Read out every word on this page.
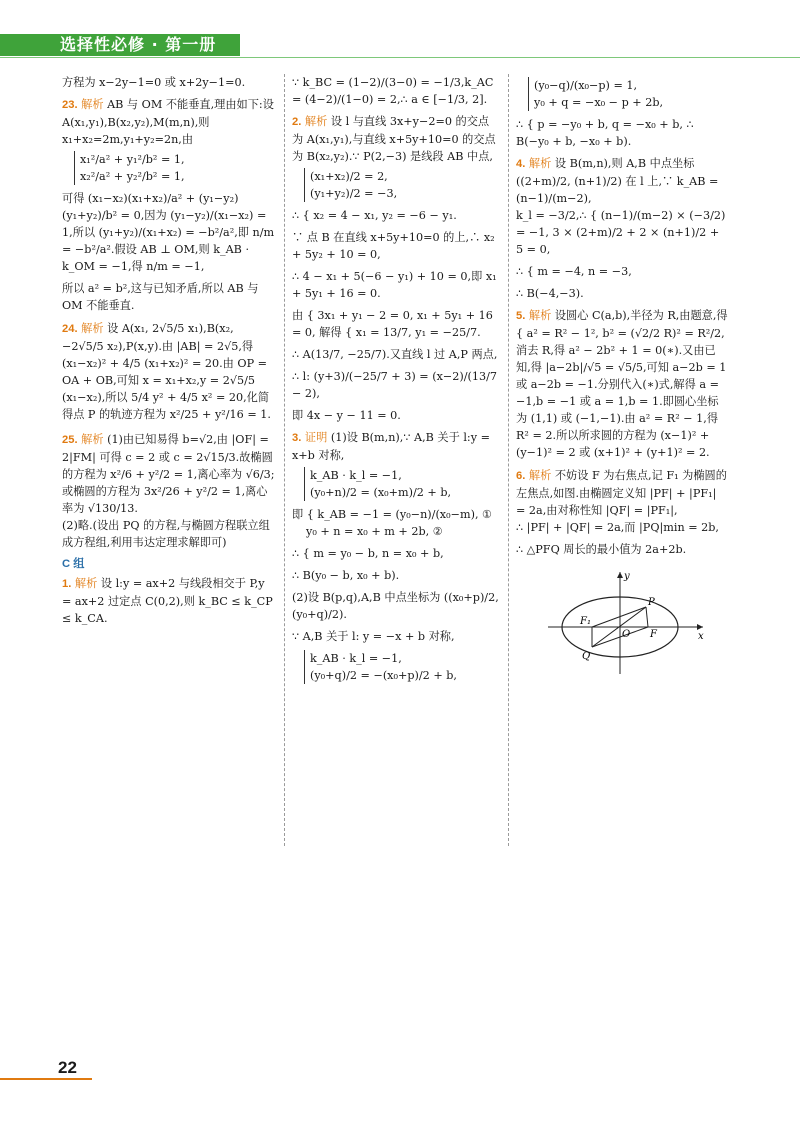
选择性必修 · 第一册

方程为 x−2y−1=0 或 x+2y−1=0.

23. 解析 AB 与 OM 不能垂直,理由如下:设 A(x₁,y₁),B(x₂,y₂),M(m,n),则 x₁+x₂=2m,y₁+y₂=2n,由
x₁²/a² + y₁²/b² = 1,
x₂²/a² + y₂²/b² = 1,

可得 (x₁−x₂)(x₁+x₂)/a² + (y₁−y₂)(y₁+y₂)/b² = 0,因为 (y₁−y₂)/(x₁−x₂) = 1,所以 (y₁+y₂)/(x₁+x₂) = −b²/a²,即 n/m = −b²/a².假设 AB ⊥ OM,则 k_AB · k_OM = −1,得 n/m = −1,

所以 a² = b²,这与已知矛盾,所以 AB 与 OM 不能垂直.

24. 解析 设 A(x₁, 2√5/5 x₁),B(x₂, −2√5/5 x₂),P(x,y).由 |AB| = 2√5,得 (x₁−x₂)² + 4/5 (x₁+x₂)² = 20.由 OP = OA + OB,可知 x = x₁+x₂,y = 2√5/5 (x₁−x₂),所以 5/4 y² + 4/5 x² = 20,化简得点 P 的轨迹方程为 x²/25 + y²/16 = 1.
25. 解析 (1)由已知易得 b=√2,由 |OF| = 2|FM| 可得 c = 2 或 c = 2√15/3.故椭圆的方程为 x²/6 + y²/2 = 1,离心率为 √6/3;或椭圆的方程为 3x²/26 + y²/2 = 1,离心率为 √130/13.

(2)略.(设出 PQ 的方程,与椭圆方程联立组成方程组,利用韦达定理求解即可)

C 组
1. 解析 设 l:y = ax+2 与线段相交于 P,y = ax+2 过定点 C(0,2),则 k_BC ≤ k_CP ≤ k_CA.

∵ k_BC = (1−2)/(3−0) = −1/3,k_AC = (4−2)/(1−0) = 2,∴ a ∈ [−1/3, 2].

2. 解析 设 l 与直线 3x+y−2=0 的交点为 A(x₁,y₁),与直线 x+5y+10=0 的交点为 B(x₂,y₂).∵ P(2,−3) 是线段 AB 中点,
(x₁+x₂)/2 = 2,
(y₁+y₂)/2 = −3,

∴ { x₂ = 4 − x₁, y₂ = −6 − y₁.

∵ 点 B 在直线 x+5y+10=0 的上,∴ x₂ + 5y₂ + 10 = 0,

∴ 4 − x₁ + 5(−6 − y₁) + 10 = 0,即 x₁ + 5y₁ + 16 = 0.

由 { 3x₁ + y₁ − 2 = 0, x₁ + 5y₁ + 16 = 0, 解得 { x₁ = 13/7, y₁ = −25/7.

∴ A(13/7, −25/7).又直线 l 过 A,P 两点,

∴ l: (y+3)/(−25/7 + 3) = (x−2)/(13/7 − 2),

即 4x − y − 11 = 0.

3. 证明 (1)设 B(m,n),∵ A,B 关于 l:y = x+b 对称,
k_AB · k_l = −1,
(y₀+n)/2 = (x₀+m)/2 + b,

即 { k_AB = −1 = (y₀−n)/(x₀−m), ①

y₀ + n = x₀ + m + 2b, ②

∴ { m = y₀ − b, n = x₀ + b,

∴ B(y₀ − b, x₀ + b).

(2)设 B(p,q),A,B 中点坐标为 ((x₀+p)/2, (y₀+q)/2).

∵ A,B 关于 l: y = −x + b 对称,

k_AB · k_l = −1,
(y₀+q)/2 = −(x₀+p)/2 + b,
(y₀−q)/(x₀−p) = 1,
y₀ + q = −x₀ − p + 2b,

∴ { p = −y₀ + b, q = −x₀ + b, ∴ B(−y₀ + b, −x₀ + b).

4. 解析 设 B(m,n),则 A,B 中点坐标 ((2+m)/2, (n+1)/2) 在 l 上,∵ k_AB = (n−1)/(m−2),

k_l = −3/2,∴ { (n−1)/(m−2) × (−3/2) = −1, 3 × (2+m)/2 + 2 × (n+1)/2 + 5 = 0,

∴ { m = −4, n = −3,

∴ B(−4,−3).

5. 解析 设圆心 C(a,b),半径为 R,由题意,得 { a² = R² − 1², b² = (√2/2 R)² = R²/2, 消去 R,得 a² − 2b² + 1 = 0(∗).又由已知,得 |a−2b|/√5 = √5/5,可知 a−2b = 1 或 a−2b = −1.分别代入(∗)式,解得 a = −1,b = −1 或 a = 1,b = 1.即圆心坐标为 (1,1) 或 (−1,−1).由 a² = R² − 1,得 R² = 2.所以所求圆的方程为 (x−1)² + (y−1)² = 2 或 (x+1)² + (y+1)² = 2.
6. 解析 不妨设 F 为右焦点,记 F₁ 为椭圆的左焦点,如图.由椭圆定义知 |PF| + |PF₁| = 2a,由对称性知 |QF| = |PF₁|,

∴ |PF| + |QF| = 2a,而 |PQ|min = 2b,

∴ △PFQ 周长的最小值为 2a+2b.

y
x
P
Q
O F
F₁
22
